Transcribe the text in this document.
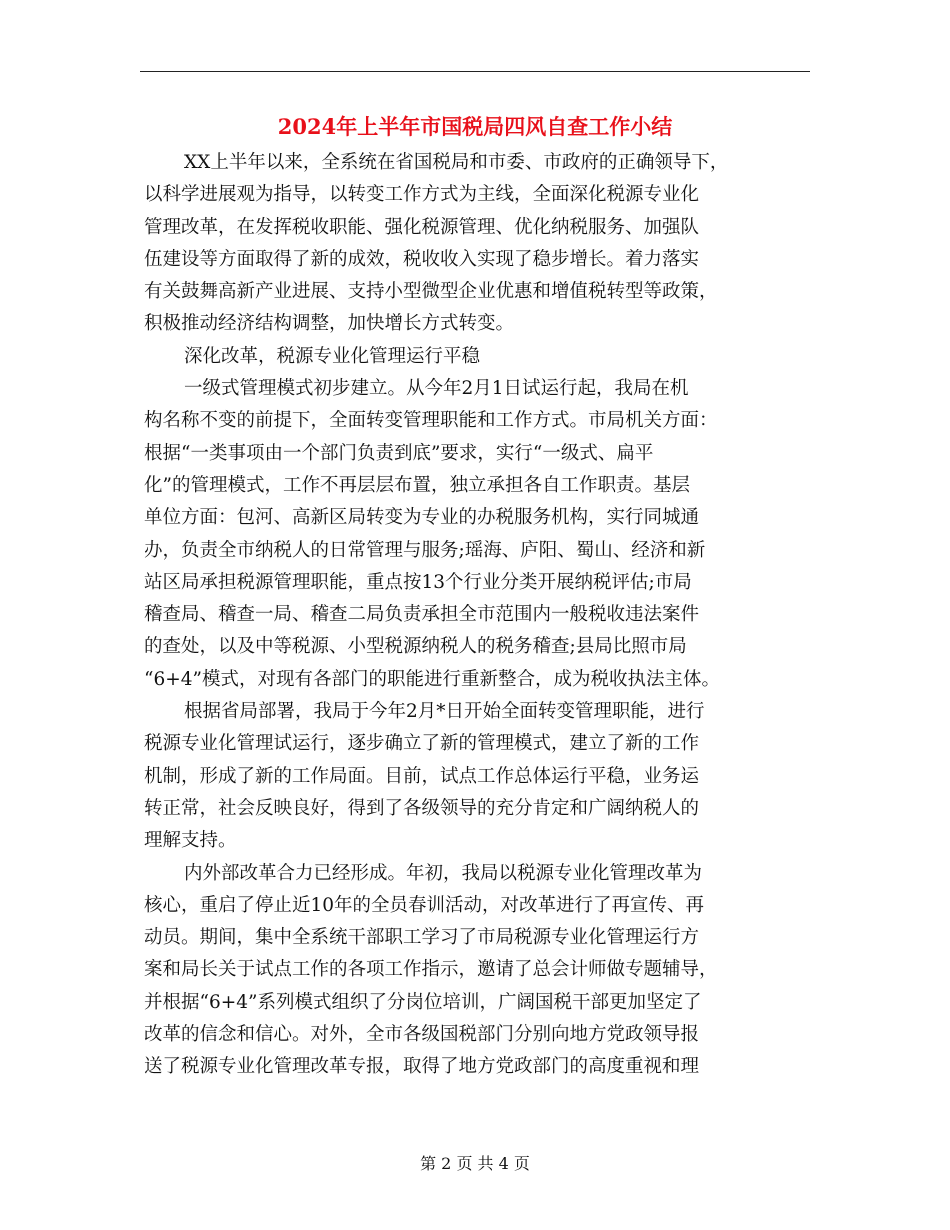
2024年上半年市国税局四风自查工作小结
XX上半年以来，全系统在省国税局和市委、市政府的正确领导下，
以科学进展观为指导，以转变工作方式为主线，全面深化税源专业化
管理改革，在发挥税收职能、强化税源管理、优化纳税服务、加强队
伍建设等方面取得了新的成效，税收收入实现了稳步增长。着力落实
有关鼓舞高新产业进展、支持小型微型企业优惠和增值税转型等政策，
积极推动经济结构调整，加快增长方式转变。
深化改革，税源专业化管理运行平稳
一级式管理模式初步建立。从今年2月1日试运行起，我局在机
构名称不变的前提下，全面转变管理职能和工作方式。市局机关方面：
根据“一类事项由一个部门负责到底”要求，实行“一级式、扁平
化”的管理模式，工作不再层层布置，独立承担各自工作职责。基层
单位方面：包河、高新区局转变为专业的办税服务机构，实行同城通
办，负责全市纳税人的日常管理与服务;瑶海、庐阳、蜀山、经济和新
站区局承担税源管理职能，重点按13个行业分类开展纳税评估;市局
稽查局、稽查一局、稽查二局负责承担全市范围内一般税收违法案件
的查处，以及中等税源、小型税源纳税人的税务稽查;县局比照市局
“6+4”模式，对现有各部门的职能进行重新整合，成为税收执法主体。
根据省局部署，我局于今年2月*日开始全面转变管理职能，进行
税源专业化管理试运行，逐步确立了新的管理模式，建立了新的工作
机制，形成了新的工作局面。目前，试点工作总体运行平稳，业务运
转正常，社会反映良好，得到了各级领导的充分肯定和广阔纳税人的
理解支持。
内外部改革合力已经形成。年初，我局以税源专业化管理改革为
核心，重启了停止近10年的全员春训活动，对改革进行了再宣传、再
动员。期间，集中全系统干部职工学习了市局税源专业化管理运行方
案和局长关于试点工作的各项工作指示，邀请了总会计师做专题辅导，
并根据“6+4”系列模式组织了分岗位培训，广阔国税干部更加坚定了
改革的信念和信心。对外，全市各级国税部门分别向地方党政领导报
送了税源专业化管理改革专报，取得了地方党政部门的高度重视和理
第 2 页 共 4 页
